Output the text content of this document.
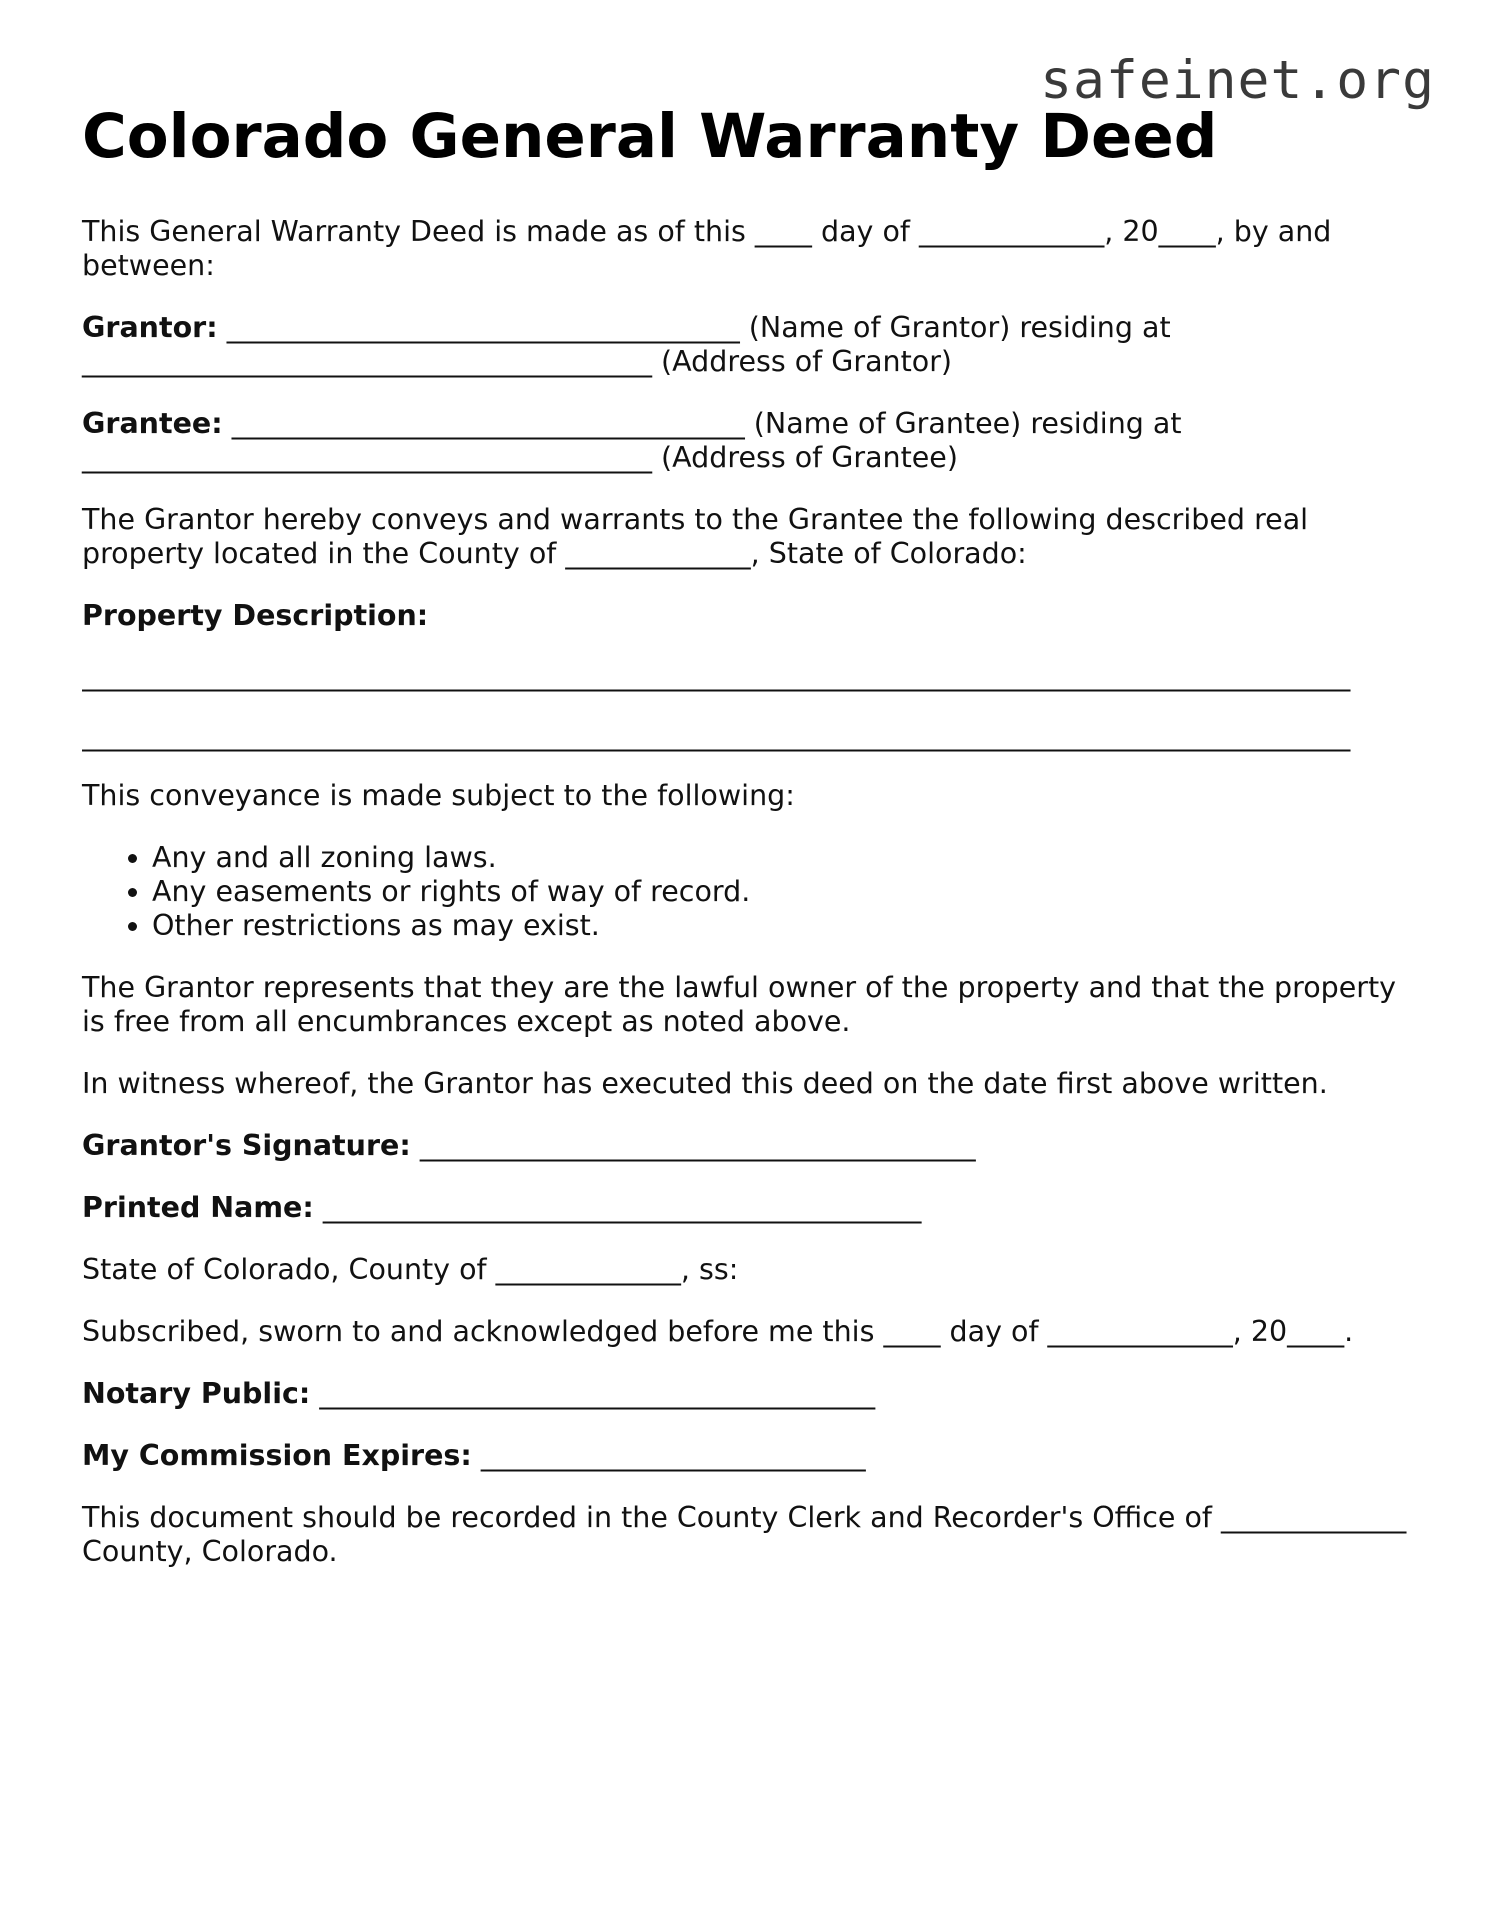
safeinet.org
Colorado General Warranty Deed

This General Warranty Deed is made as of this ____ day of _____________, 20____, by and between:

Grantor: ____________________________________ (Name of Grantor) residing at ________________________________________ (Address of Grantor)

Grantee: ____________________________________ (Name of Grantee) residing at ________________________________________ (Address of Grantee)

The Grantor hereby conveys and warrants to the Grantee the following described real property located in the County of _____________, State of Colorado:

Property Description:

_________________________________________________________________________________________
_________________________________________________________________________________________

This conveyance is made subject to the following:

• Any and all zoning laws.
• Any easements or rights of way of record.
• Other restrictions as may exist.

The Grantor represents that they are the lawful owner of the property and that the property is free from all encumbrances except as noted above.

In witness whereof, the Grantor has executed this deed on the date first above written.

Grantor's Signature: _______________________________________

Printed Name: __________________________________________

State of Colorado, County of _____________, ss:

Subscribed, sworn to and acknowledged before me this ____ day of _____________, 20____.

Notary Public: _______________________________________

My Commission Expires: ___________________________

This document should be recorded in the County Clerk and Recorder's Office of _____________ County, Colorado.
